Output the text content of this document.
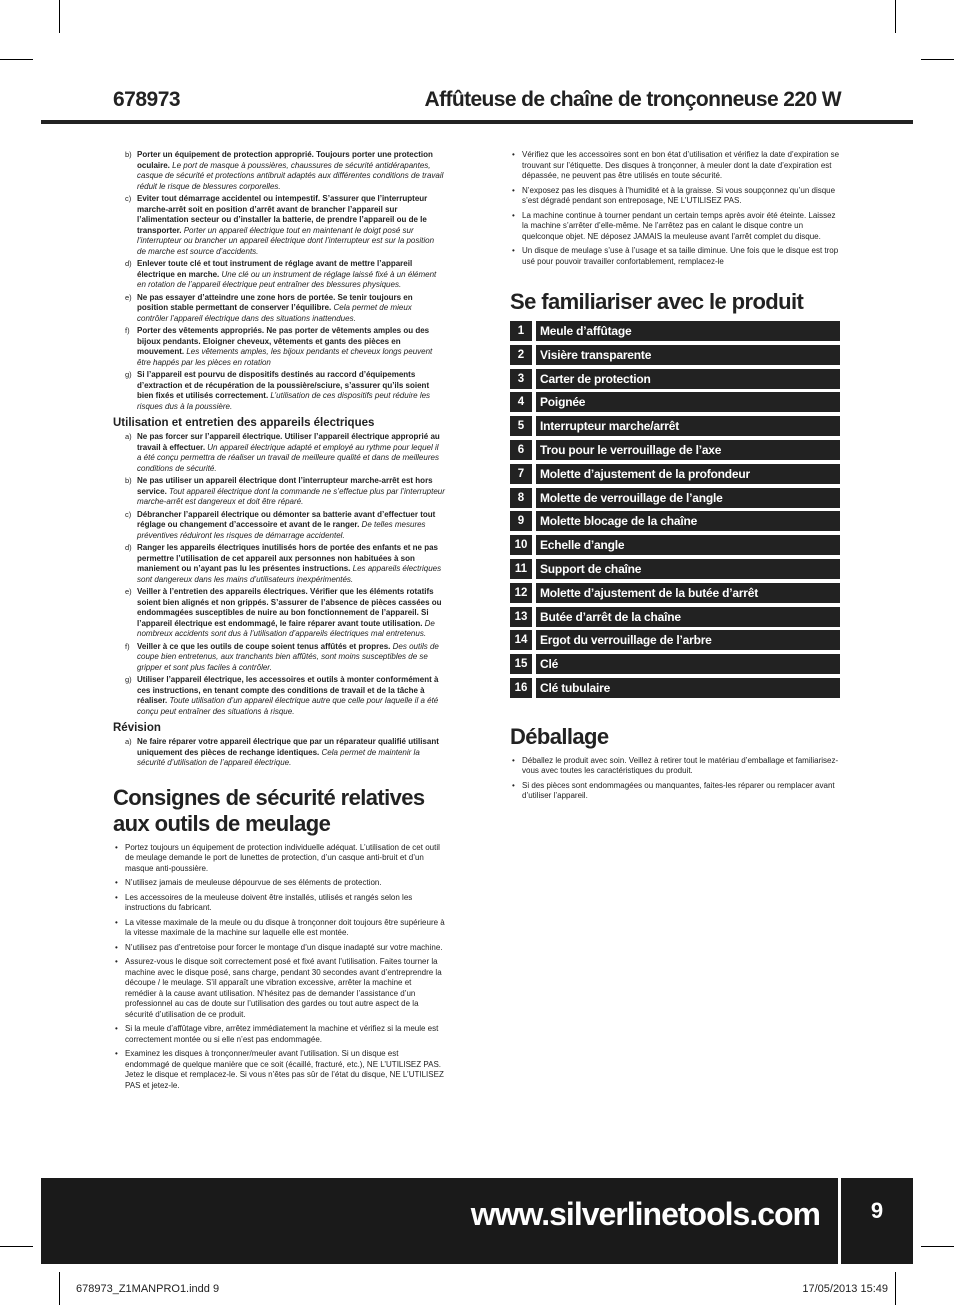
678973	Affûteuse de chaîne de tronçonneuse 220 W
b) Porter un équipement de protection approprié. Toujours porter une protection oculaire. Le port de masque à poussières, chaussures de sécurité antidérapantes, casque de sécurité et protections antibruit adaptés aux différentes conditions de travail réduit le risque de blessures corporelles.
c) Eviter tout démarrage accidentel ou intempestif. S’assurer que l’interrupteur marche-arrêt soit en position d’arrêt avant de brancher l’appareil sur l’alimentation secteur ou d’installer la batterie, de prendre l’appareil ou de le transporter. Porter un appareil électrique tout en maintenant le doigt posé sur l’interrupteur ou brancher un appareil électrique dont l’interrupteur est sur la position de marche est source d’accidents.
d) Enlever toute clé et tout instrument de réglage avant de mettre l’appareil électrique en marche. Une clé ou un instrument de réglage laissé fixé à un élément en rotation de l’appareil électrique peut entraîner des blessures physiques.
e) Ne pas essayer d’atteindre une zone hors de portée. Se tenir toujours en position stable permettant de conserver l’équilibre. Cela permet de mieux contrôler l’appareil électrique dans des situations inattendues.
f) Porter des vêtements appropriés. Ne pas porter de vêtements amples ou des bijoux pendants. Eloigner cheveux, vêtements et gants des pièces en mouvement. Les vêtements amples, les bijoux pendants et cheveux longs peuvent être happés par les pièces en rotation
g) Si l’appareil est pourvu de dispositifs destinés au raccord d’équipements d’extraction et de récupération de la poussière/sciure, s’assurer qu’ils soient bien fixés et utilisés correctement. L’utilisation de ces dispositifs peut réduire les risques dus à la poussière.
Utilisation et entretien des appareils électriques
a) Ne pas forcer sur l’appareil électrique. Utiliser l’appareil électrique approprié au travail à effectuer. Un appareil électrique adapté et employé au rythme pour lequel il a été conçu permettra de réaliser un travail de meilleure qualité et dans de meilleures conditions de sécurité.
b) Ne pas utiliser un appareil électrique dont l’interrupteur marche-arrêt est hors service. Tout appareil électrique dont la commande ne s’effectue plus par l’interrupteur marche-arrêt est dangereux et doit être réparé.
c) Débrancher l’appareil électrique ou démonter sa batterie avant d’effectuer tout réglage ou changement d’accessoire et avant de le ranger. De telles mesures préventives réduiront les risques de démarrage accidentel.
d) Ranger les appareils électriques inutilisés hors de portée des enfants et ne pas permettre l’utilisation de cet appareil aux personnes non habituées à son maniement ou n’ayant pas lu les présentes instructions. Les appareils électriques sont dangereux dans les mains d’utilisateurs inexpérimentés.
e) Veiller à l’entretien des appareils électriques. Vérifier que les éléments rotatifs soient bien alignés et non grippés. S’assurer de l’absence de pièces cassées ou endommagées susceptibles de nuire au bon fonctionnement de l’appareil. Si l’appareil électrique est endommagé, le faire réparer avant toute utilisation. De nombreux accidents sont dus à l’utilisation d’appareils électriques mal entretenus.
f) Veiller à ce que les outils de coupe soient tenus affûtés et propres. Des outils de coupe bien entretenus, aux tranchants bien affûtés, sont moins susceptibles de se gripper et sont plus faciles à contrôler.
g) Utiliser l’appareil électrique, les accessoires et outils à monter conformément à ces instructions, en tenant compte des conditions de travail et de la tâche à réaliser. Toute utilisation d’un appareil électrique autre que celle pour laquelle il a été conçu peut entraîner des situations à risque.
Révision
a) Ne faire réparer votre appareil électrique que par un réparateur qualifié utilisant uniquement des pièces de rechange identiques. Cela permet de maintenir la sécurité d’utilisation de l’appareil électrique.
Consignes de sécurité relatives aux outils de meulage
• Portez toujours un équipement de protection individuelle adéquat. L’utilisation de cet outil de meulage demande le port de lunettes de protection, d’un casque anti-bruit et d’un masque anti-poussière.
• N’utilisez jamais de meuleuse dépourvue de ses éléments de protection.
• Les accessoires de la meuleuse doivent être installés, utilisés et rangés selon les instructions du fabricant.
• La vitesse maximale de la meule ou du disque à tronçonner doit toujours être supérieure à la vitesse maximale de la machine sur laquelle elle est montée.
• N’utilisez pas d’entretoise pour forcer le montage d’un disque inadapté sur votre machine.
• Assurez-vous le disque soit correctement posé et fixé avant l’utilisation. Faites tourner la machine avec le disque posé, sans charge, pendant 30 secondes avant d’entreprendre la découpe / le meulage. S’il apparaît une vibration excessive, arrêter la machine et remédier à la cause avant utilisation. N’hésitez pas de demander l’assistance d’un professionnel au cas de doute sur l’utilisation des gardes ou tout autre aspect de la sécurité d’utilisation de ce produit.
• Si la meule d’affûtage vibre, arrêtez immédiatement la machine et vérifiez si la meule est correctement montée ou si elle n’est pas endommagée.
• Examinez les disques à tronçonner/meuler avant l’utilisation. Si un disque est endommagé de quelque manière que ce soit (écaillé, fracturé, etc.), NE L’UTILISEZ PAS. Jetez le disque et remplacez-le. Si vous n’êtes pas sûr de l’état du disque, NE L’UTILISEZ PAS et jetez-le.
• Vérifiez que les accessoires sont en bon état d’utilisation et vérifiez la date d’expiration se trouvant sur l’étiquette. Des disques à tronçonner, à meuler dont la date d’expiration est dépassée, ne peuvent pas être utilisés en toute sécurité.
• N’exposez pas les disques à l’humidité et à la graisse. Si vous soupçonnez qu’un disque s’est dégradé pendant son entreposage, NE L’UTILISEZ PAS.
• La machine continue à tourner pendant un certain temps après avoir été éteinte. Laissez la machine s’arrêter d’elle-même. Ne l’arrêtez pas en calant le disque contre un quelconque objet. NE déposez JAMAIS la meuleuse avant l’arrêt complet du disque.
• Un disque de meulage s’use à l’usage et sa taille diminue. Une fois que le disque est trop usé pour pouvoir travailler confortablement, remplacez-le
Se familiariser avec le produit
1	Meule d’affûtage
2	Visière transparente
3	Carter de protection
4	Poignée
5	Interrupteur marche/arrêt
6	Trou pour le verrouillage de l’axe
7	Molette d’ajustement de la profondeur
8	Molette de verrouillage de l’angle
9	Molette blocage de la chaîne
10	Echelle d’angle
11	Support de chaîne
12	Molette d’ajustement de la butée d’arrêt
13	Butée d’arrêt de la chaîne
14	Ergot du verrouillage de l’arbre
15	Clé
16	Clé tubulaire
Déballage
• Déballez le produit avec soin. Veillez à retirer tout le matériau d’emballage et familiarisez-vous avec toutes les caractéristiques du produit.
• Si des pièces sont endommagées ou manquantes, faites-les réparer ou remplacer avant d’utiliser l’appareil.
www.silverlinetools.com	9
678973_Z1MANPRO1.indd 9	17/05/2013 15:49
